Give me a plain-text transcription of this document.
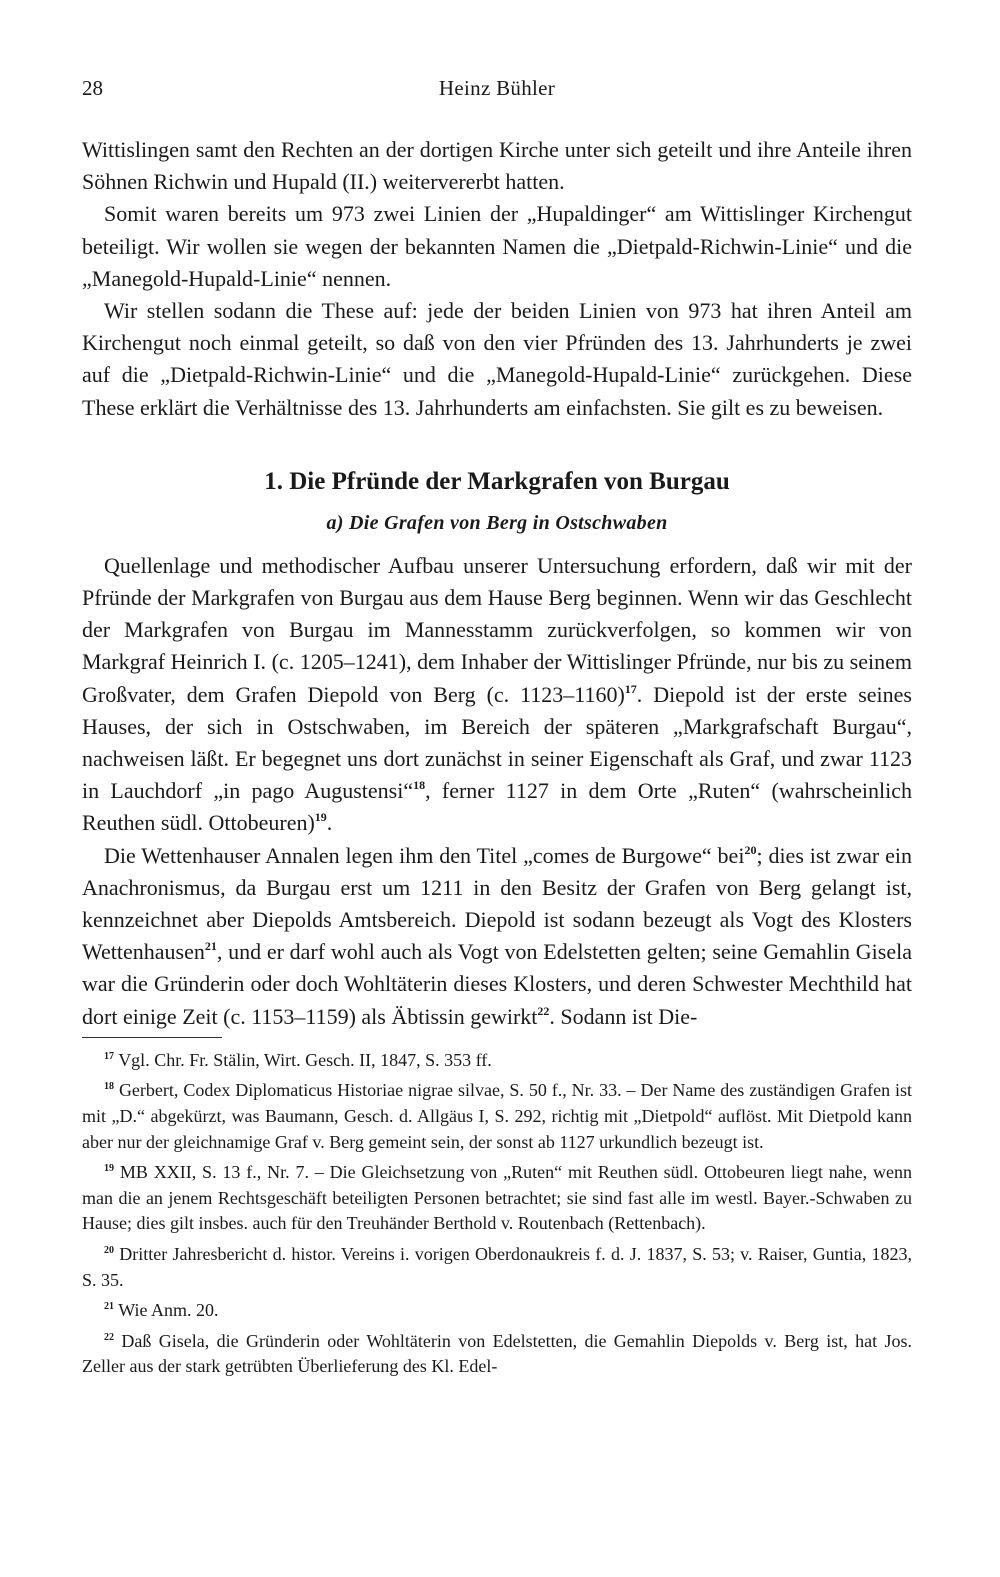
28	Heinz Bühler

Wittislingen samt den Rechten an der dortigen Kirche unter sich geteilt und ihre Anteile ihren Söhnen Richwin und Hupald (II.) weitervererbt hatten.

Somit waren bereits um 973 zwei Linien der „Hupaldinger“ am Wittislinger Kirchengut beteiligt. Wir wollen sie wegen der bekannten Namen die „Dietpald-Richwin-Linie“ und die „Manegold-Hupald-Linie“ nennen.

Wir stellen sodann die These auf: jede der beiden Linien von 973 hat ihren Anteil am Kirchengut noch einmal geteilt, so daß von den vier Pfründen des 13. Jahrhunderts je zwei auf die „Dietpald-Richwin-Linie“ und die „Manegold-Hupald-Linie“ zurückgehen. Diese These erklärt die Verhältnisse des 13. Jahrhunderts am einfachsten. Sie gilt es zu beweisen.

1. Die Pfründe der Markgrafen von Burgau
a) Die Grafen von Berg in Ostschwaben

Quellenlage und methodischer Aufbau unserer Untersuchung erfordern, daß wir mit der Pfründe der Markgrafen von Burgau aus dem Hause Berg beginnen. Wenn wir das Geschlecht der Markgrafen von Burgau im Mannesstamm zurückverfolgen, so kommen wir von Markgraf Heinrich I. (c. 1205–1241), dem Inhaber der Wittislinger Pfründe, nur bis zu seinem Großvater, dem Grafen Diepold von Berg (c. 1123–1160)$^{17}$. Diepold ist der erste seines Hauses, der sich in Ostschwaben, im Bereich der späteren „Markgrafschaft Burgau“, nachweisen läßt. Er begegnet uns dort zunächst in seiner Eigenschaft als Graf, und zwar 1123 in Lauchdorf „in pago Augustensi“$^{18}$, ferner 1127 in dem Orte „Ruten“ (wahrscheinlich Reuthen südl. Ottobeuren)$^{19}$.

Die Wettenhauser Annalen legen ihm den Titel „comes de Burgowe“ bei$^{20}$; dies ist zwar ein Anachronismus, da Burgau erst um 1211 in den Besitz der Grafen von Berg gelangt ist, kennzeichnet aber Diepolds Amtsbereich. Diepold ist sodann bezeugt als Vogt des Klosters Wettenhausen$^{21}$, und er darf wohl auch als Vogt von Edelstetten gelten; seine Gemahlin Gisela war die Gründerin oder doch Wohltäterin dieses Klosters, und deren Schwester Mechthild hat dort einige Zeit (c. 1153–1159) als Äbtissin gewirkt$^{22}$. Sodann ist Die-

$^{17}$ Vgl. Chr. Fr. Stälin, Wirt. Gesch. II, 1847, S. 353 ff.

$^{18}$ Gerbert, Codex Diplomaticus Historiae nigrae silvae, S. 50 f., Nr. 33. – Der Name des zuständigen Grafen ist mit „D.“ abgekürzt, was Baumann, Gesch. d. Allgäus I, S. 292, richtig mit „Dietpold“ auflöst. Mit Dietpold kann aber nur der gleichnamige Graf v. Berg gemeint sein, der sonst ab 1127 urkundlich bezeugt ist.

$^{19}$ MB XXII, S. 13 f., Nr. 7. – Die Gleichsetzung von „Ruten“ mit Reuthen südl. Ottobeuren liegt nahe, wenn man die an jenem Rechtsgeschäft beteiligten Personen betrachtet; sie sind fast alle im westl. Bayer.-Schwaben zu Hause; dies gilt insbes. auch für den Treuhänder Berthold v. Routenbach (Rettenbach).

$^{20}$ Dritter Jahresbericht d. histor. Vereins i. vorigen Oberdonaukreis f. d. J. 1837, S. 53; v. Raiser, Guntia, 1823, S. 35.

$^{21}$ Wie Anm. 20.

$^{22}$ Daß Gisela, die Gründerin oder Wohltäterin von Edelstetten, die Gemahlin Diepolds v. Berg ist, hat Jos. Zeller aus der stark getrübten Überlieferung des Kl. Edel-
